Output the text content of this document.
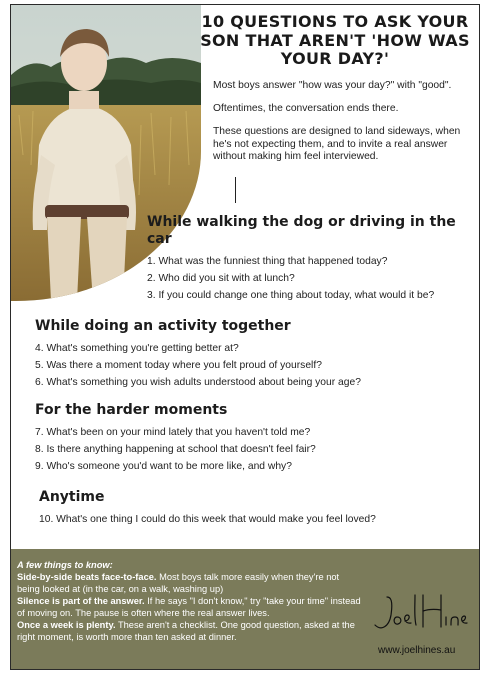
10 QUESTIONS TO ASK YOUR SON THAT AREN'T 'HOW WAS YOUR DAY?'

Most boys answer "how was your day?" with "good".

Oftentimes, the conversation ends there.

These questions are designed to land sideways, when he's not expecting them, and to invite a real answer without making him feel interviewed.

While walking the dog or driving in the car
1. What was the funniest thing that happened today?
2. Who did you sit with at lunch?
3. If you could change one thing about today, what would it be?
While doing an activity together
4. What's something you're getting better at?
5. Was there a moment today where you felt proud of yourself?
6. What's something you wish adults understood about being your age?
For the harder moments
7. What's been on your mind lately that you haven't told me?
8. Is there anything happening at school that doesn't feel fair?
9. Who's someone you'd want to be more like, and why?
Anytime
10. What's one thing I could do this week that would make you feel loved?

A few things to know:

Side-by-side beats face-to-face. Most boys talk more easily when they're not being looked at (in the car, on a walk, washing up)

Silence is part of the answer. If he says "I don't know," try "take your time" instead of moving on. The pause is often where the real answer lives.

Once a week is plenty. These aren't a checklist. One good question, asked at the right moment, is worth more than ten asked at dinner.

www.joelhines.au
